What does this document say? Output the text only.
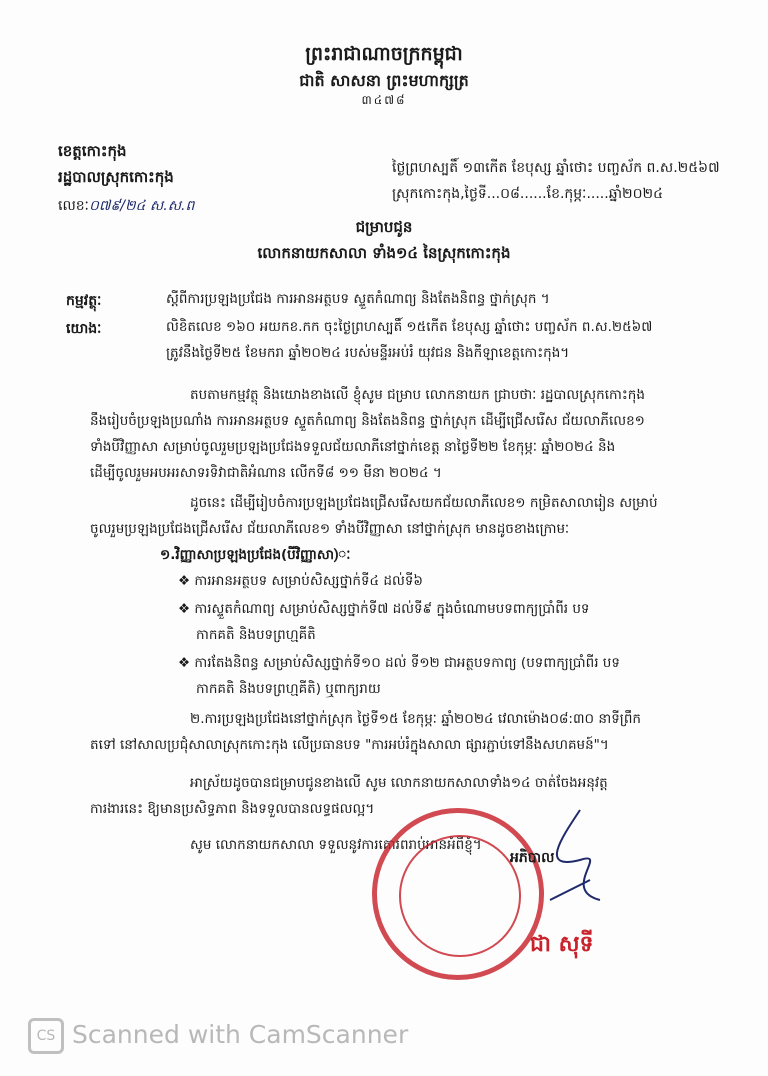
ព្រះរាជាណាចក្រកម្ពុជា
ជាតិ សាសនា ព្រះមហាក្សត្រ
៣៤៧៨
ខេត្តកោះកុង
រដ្ឋបាលស្រុកកោះកុង
លេខៈ០៧៩/២៤ ស.ស.ព
ថ្ងៃព្រហស្បតិ៍ ១៣កើត ខែបុស្ស ឆ្នាំថោះ បញ្ចស័ក ព.ស.២៥៦៧
ស្រុកកោះកុង,ថ្ងៃទី...០៨......ខែ.កុម្ភៈ.....ឆ្នាំ២០២៤
ជម្រាបជូន
លោកនាយកសាលា ទាំង១៤ នៃស្រុកកោះកុង
កម្មវត្ថុៈ	ស្តីពីការប្រឡងប្រជែង ការអានអត្ថបទ ស្ទួតកំណាព្យ និងតែងនិពន្ធ ថ្នាក់ស្រុក ។
យោងៈ	លិខិតលេខ ១៦០ អយកខ.កក ចុះថ្ងៃព្រហស្បតិ៍ ១៥កើត ខែបុស្ស ឆ្នាំថោះ បញ្ចស័ក ព.ស.២៥៦៧
ត្រូវនឹងថ្ងៃទី២៥ ខែមករា ឆ្នាំ២០២៤ របស់មន្ទីរអប់រំ យុវជន និងកីឡាខេត្តកោះកុង។
តបតាមកម្មវត្ថុ និងយោងខាងលើ ខ្ញុំសូម ជម្រាប លោកនាយក ជ្រាបថាៈ រដ្ឋបាលស្រុកកោះកុង
នឹងរៀបចំប្រឡងប្រណាំង ការអានអត្ថបទ ស្ទួតកំណាព្យ និងតែងនិពន្ធ ថ្នាក់ស្រុក ដើម្បីជ្រើសរើស ជ័យលាភីលេខ១
ទាំងបីវិញ្ញាសា សម្រាប់ចូលរួមប្រឡងប្រជែងទទួលជ័យលាភីនៅថ្នាក់ខេត្ត នាថ្ងៃទី២២ ខែកុម្ភៈ ឆ្នាំ២០២៤ និង
ដើម្បីចូលរួមអបអរសាទរទិវាជាតិអំណាន លើកទី៨ ១១ មីនា ២០២៤ ។
ដូចនេះ ដើម្បីរៀបចំការប្រឡងប្រជែងជ្រើសរើសយកជ័យលាភីលេខ១ កម្រិតសាលារៀន សម្រាប់
ចូលរួមប្រឡងប្រជែងជ្រើសរើស ជ័យលាភីលេខ១ ទាំងបីវិញ្ញាសា នៅថ្នាក់ស្រុក មានដូចខាងក្រោមៈ
១.វិញ្ញាសាប្រឡងប្រជែង(បីវិញ្ញាសា)ៈ
❖ ការអានអត្ថបទ សម្រាប់សិស្សថ្នាក់ទី៤ ដល់ទី៦
❖ ការស្ទួតកំណាព្យ សម្រាប់សិស្សថ្នាក់ទី៧ ដល់ទី៩ ក្នុងចំណោមបទពាក្យប្រាំពីរ បទ
កាកគតិ និងបទព្រហ្មគីតិ
❖ ការតែងនិពន្ធ សម្រាប់សិស្សថ្នាក់ទី១០ ដល់ ទី១២ ជាអត្ថបទកាព្យ (បទពាក្យប្រាំពីរ បទ
កាកគតិ និងបទព្រហ្មគីតិ) ឬពាក្យរាយ
២.ការប្រឡងប្រជែងនៅថ្នាក់ស្រុក ថ្ងៃទី១៥ ខែកុម្ភៈ ឆ្នាំ២០២៤ វេលាម៉ោង០៨:៣០ នាទីព្រឹក
តទៅ នៅសាលប្រជុំសាលាស្រុកកោះកុង លើប្រធានបទ "ការអប់រំក្នុងសាលា ផ្សារភ្ជាប់ទៅនឹងសហគមន៍"។
អាស្រ័យដូចបានជម្រាបជូនខាងលើ សូម លោកនាយកសាលាទាំង១៤ ចាត់ចែងអនុវត្ត
ការងារនេះ ឱ្យមានប្រសិទ្ធភាព និងទទួលបានលទ្ធផលល្អ។
សូម លោកនាយកសាលា ទទួលនូវការគោរពរាប់អានអំពីខ្ញុំ។
អភិបាល
ជា សុទី
CS Scanned with CamScanner
